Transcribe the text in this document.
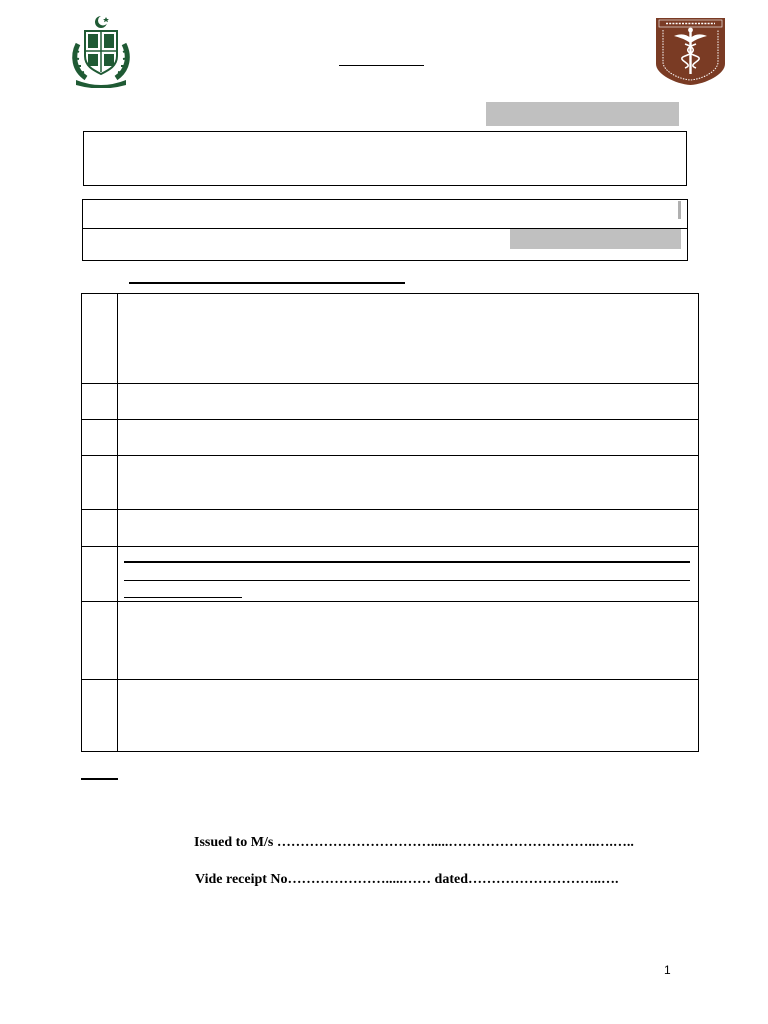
Issued to M/s …………………………….....…………………………..….…..
Vide receipt No………………….....…… dated………………………..….
1
